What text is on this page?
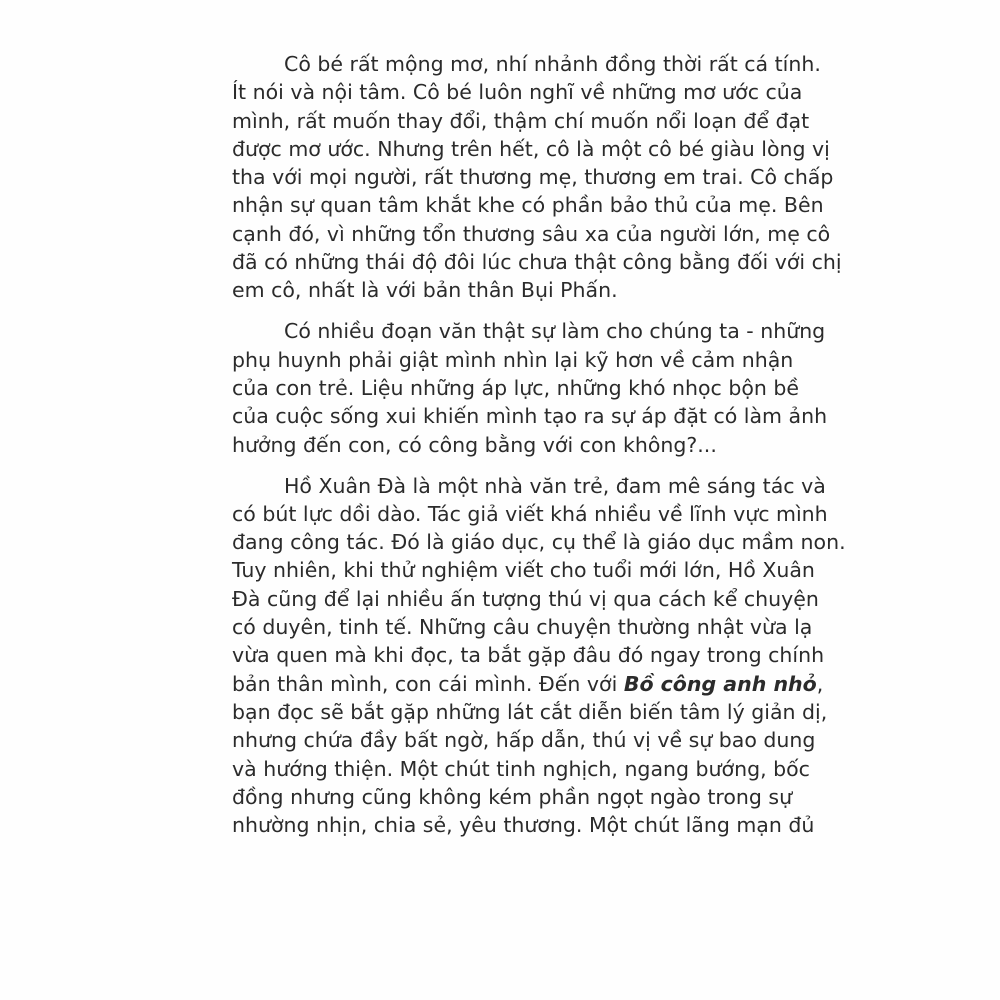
Cô bé rất mộng mơ, nhí nhảnh đồng thời rất cá tính.
Ít nói và nội tâm. Cô bé luôn nghĩ về những mơ ước của
mình, rất muốn thay đổi, thậm chí muốn nổi loạn để đạt
được mơ ước. Nhưng trên hết, cô là một cô bé giàu lòng vị
tha với mọi người, rất thương mẹ, thương em trai. Cô chấp
nhận sự quan tâm khắt khe có phần bảo thủ của mẹ. Bên
cạnh đó, vì những tổn thương sâu xa của người lớn, mẹ cô
đã có những thái độ đôi lúc chưa thật công bằng đối với chị
em cô, nhất là với bản thân Bụi Phấn.

Có nhiều đoạn văn thật sự làm cho chúng ta - những
phụ huynh phải giật mình nhìn lại kỹ hơn về cảm nhận
của con trẻ. Liệu những áp lực, những khó nhọc bộn bề
của cuộc sống xui khiến mình tạo ra sự áp đặt có làm ảnh
hưởng đến con, có công bằng với con không?...

Hồ Xuân Đà là một nhà văn trẻ, đam mê sáng tác và
có bút lực dồi dào. Tác giả viết khá nhiều về lĩnh vực mình
đang công tác. Đó là giáo dục, cụ thể là giáo dục mầm non.
Tuy nhiên, khi thử nghiệm viết cho tuổi mới lớn, Hồ Xuân
Đà cũng để lại nhiều ấn tượng thú vị qua cách kể chuyện
có duyên, tinh tế. Những câu chuyện thường nhật vừa lạ
vừa quen mà khi đọc, ta bắt gặp đâu đó ngay trong chính
bản thân mình, con cái mình. Đến với Bồ công anh nhỏ,
bạn đọc sẽ bắt gặp những lát cắt diễn biến tâm lý giản dị,
nhưng chứa đầy bất ngờ, hấp dẫn, thú vị về sự bao dung
và hướng thiện. Một chút tinh nghịch, ngang bướng, bốc
đồng nhưng cũng không kém phần ngọt ngào trong sự
nhường nhịn, chia sẻ, yêu thương. Một chút lãng mạn đủ
